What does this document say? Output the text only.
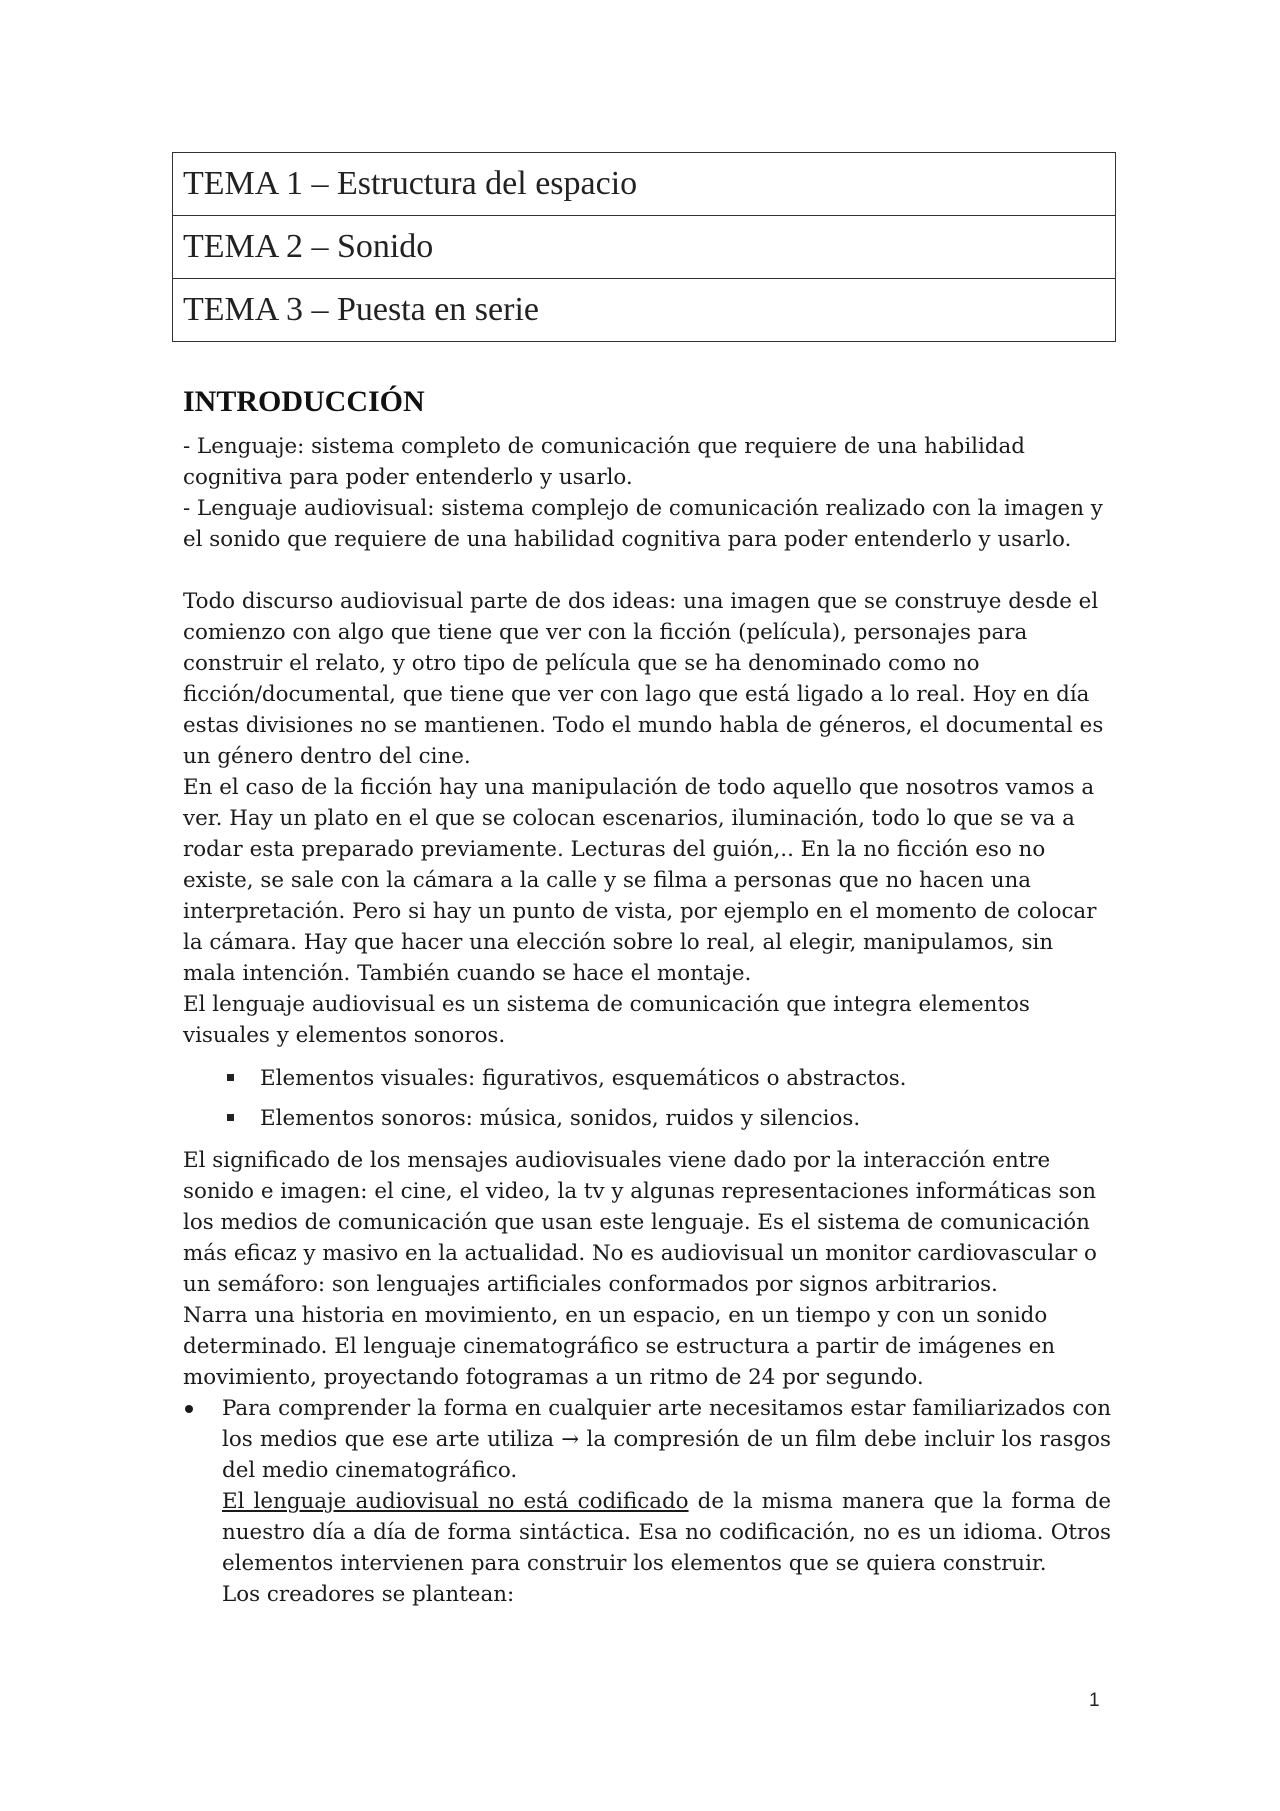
TEMA 1 – Estructura del espacio
TEMA 2 – Sonido
TEMA 3 – Puesta en serie
INTRODUCCIÓN

- Lenguaje: sistema completo de comunicación que requiere de una habilidad cognitiva para poder entenderlo y usarlo.

- Lenguaje audiovisual: sistema complejo de comunicación realizado con la imagen y el sonido que requiere de una habilidad cognitiva para poder entenderlo y usarlo.

Todo discurso audiovisual parte de dos ideas: una imagen que se construye desde el comienzo con algo que tiene que ver con la ficción (película), personajes para construir el relato, y otro tipo de película que se ha denominado como no ficción/documental, que tiene que ver con lago que está ligado a lo real. Hoy en día estas divisiones no se mantienen. Todo el mundo habla de géneros, el documental es un género dentro del cine.

En el caso de la ficción hay una manipulación de todo aquello que nosotros vamos a ver. Hay un plato en el que se colocan escenarios, iluminación, todo lo que se va a rodar esta preparado previamente. Lecturas del guión,.. En la no ficción eso no existe, se sale con la cámara a la calle y se filma a personas que no hacen una interpretación. Pero si hay un punto de vista, por ejemplo en el momento de colocar la cámara. Hay que hacer una elección sobre lo real, al elegir, manipulamos, sin mala intención. También cuando se hace el montaje.

El lenguaje audiovisual es un sistema de comunicación que integra elementos visuales y elementos sonoros.

Elementos visuales: figurativos, esquemáticos o abstractos.
Elementos sonoros: música, sonidos, ruidos y silencios.

El significado de los mensajes audiovisuales viene dado por la interacción entre sonido e imagen: el cine, el video, la tv y algunas representaciones informáticas son los medios de comunicación que usan este lenguaje. Es el sistema de comunicación más eficaz y masivo en la actualidad. No es audiovisual un monitor cardiovascular o un semáforo: son lenguajes artificiales conformados por signos arbitrarios.

Narra una historia en movimiento, en un espacio, en un tiempo y con un sonido determinado. El lenguaje cinematográfico se estructura a partir de imágenes en movimiento, proyectando fotogramas a un ritmo de 24 por segundo.

Para comprender la forma en cualquier arte necesitamos estar familiarizados con los medios que ese arte utiliza → la compresión de un film debe incluir los rasgos del medio cinematográfico.

El lenguaje audiovisual no está codificado de la misma manera que la forma de nuestro día a día de forma sintáctica. Esa no codificación, no es un idioma. Otros elementos intervienen para construir los elementos que se quiera construir.

Los creadores se plantean:

1
